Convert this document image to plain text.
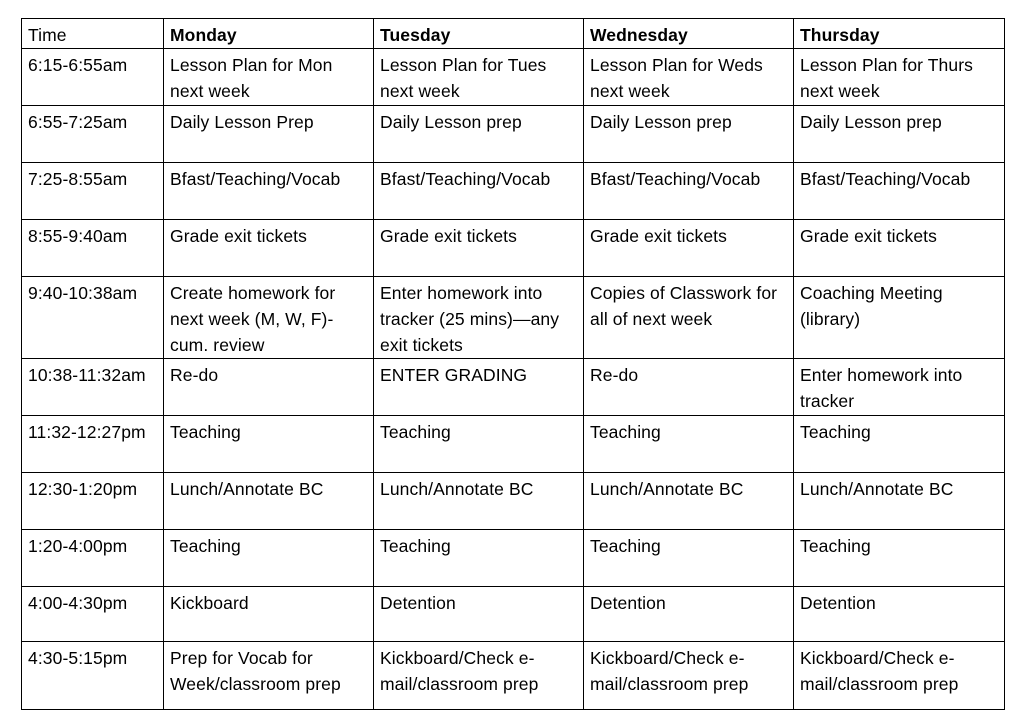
Time	Monday	Tuesday	Wednesday	Thursday
6:15-6:55am	Lesson Plan for Mon next week	Lesson Plan for Tues next week	Lesson Plan for Weds next week	Lesson Plan for Thurs next week
6:55-7:25am	Daily Lesson Prep	Daily Lesson prep	Daily Lesson prep	Daily Lesson prep
7:25-8:55am	Bfast/Teaching/Vocab	Bfast/Teaching/Vocab	Bfast/Teaching/Vocab	Bfast/Teaching/Vocab
8:55-9:40am	Grade exit tickets	Grade exit tickets	Grade exit tickets	Grade exit tickets
9:40-10:38am	Create homework for next week (M, W, F)-cum. review	Enter homework into tracker (25 mins)—any exit tickets	Copies of Classwork for all of next week	Coaching Meeting (library)
10:38-11:32am	Re-do	ENTER GRADING	Re-do	Enter homework into tracker
11:32-12:27pm	Teaching	Teaching	Teaching	Teaching
12:30-1:20pm	Lunch/Annotate BC	Lunch/Annotate BC	Lunch/Annotate BC	Lunch/Annotate BC
1:20-4:00pm	Teaching	Teaching	Teaching	Teaching
4:00-4:30pm	Kickboard	Detention	Detention	Detention
4:30-5:15pm	Prep for Vocab for Week/classroom prep	Kickboard/Check e-mail/classroom prep	Kickboard/Check e-mail/classroom prep	Kickboard/Check e-mail/classroom prep
